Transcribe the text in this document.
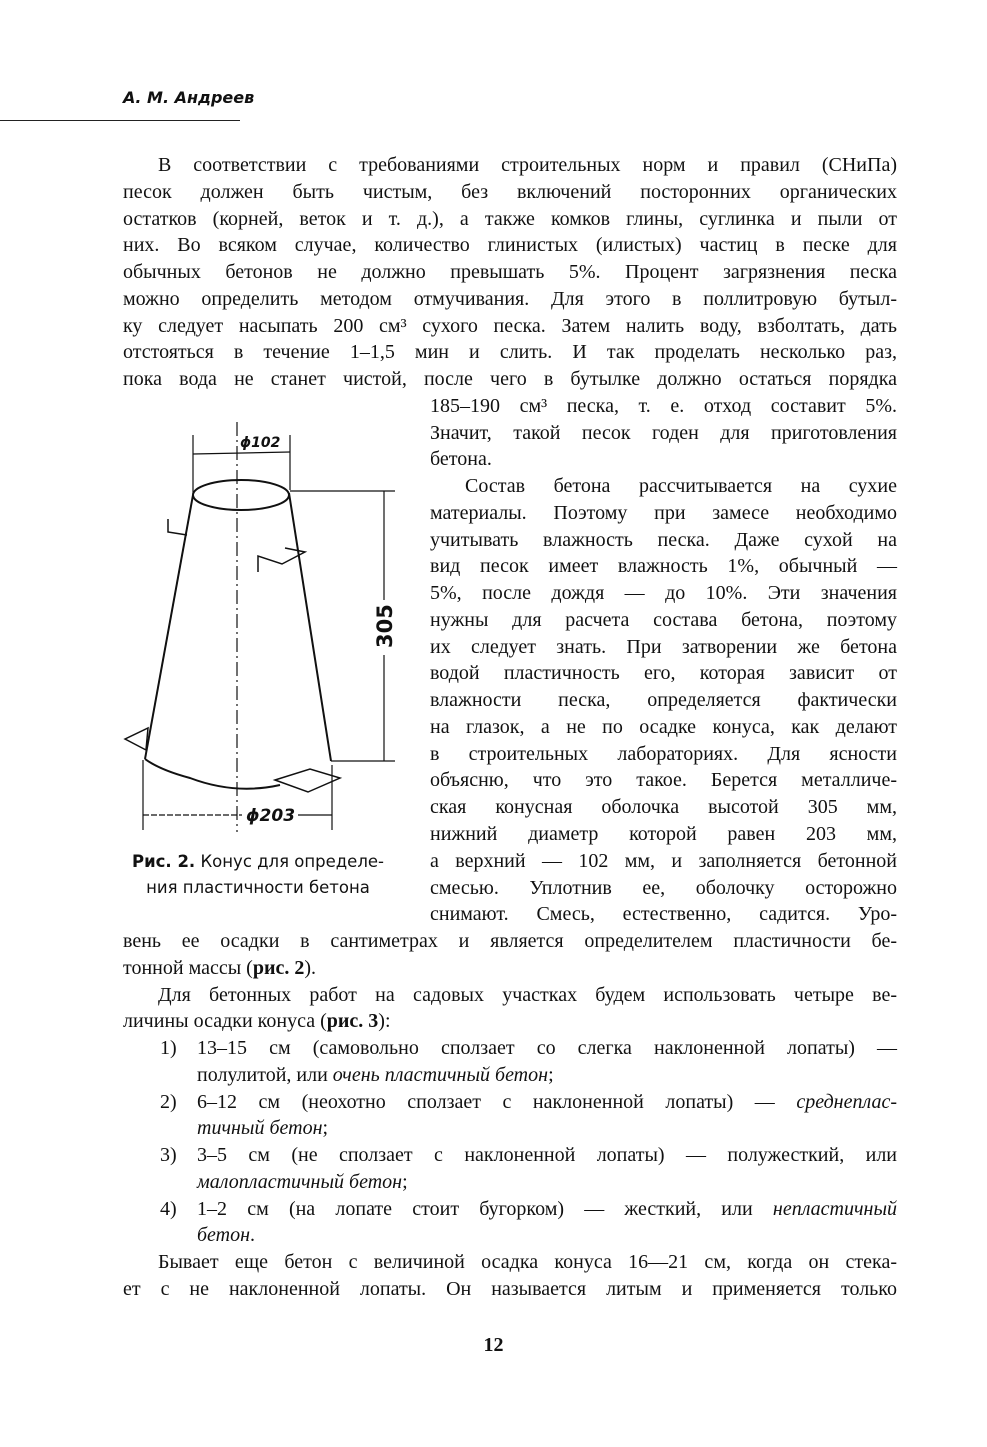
А. М. Андреев
В соответствии с требованиями строительных норм и правил (СНиПа)
песок должен быть чистым, без включений посторонних органических
остатков (корней, веток и т. д.), а также комков глины, суглинка и пыли от
них. Во всяком случае, количество глинистых (илистых) частиц в песке для
обычных бетонов не должно превышать 5%. Процент загрязнения песка
можно определить методом отмучивания. Для этого в поллитровую бутыл-
ку следует насыпать 200 см³ сухого песка. Затем налить воду, взболтать, дать
отстояться в течение 1–1,5 мин и слить. И так проделать несколько раз,
пока вода не станет чистой, после чего в бутылке должно остаться порядка
185–190 см³ песка, т. е. отход составит 5%.
Значит, такой песок годен для приготовления
бетона.
Состав бетона рассчитывается на сухие
материалы. Поэтому при замесе необходимо
учитывать влажность песка. Даже сухой на
вид песок имеет влажность 1%, обычный —
5%, после дождя — до 10%. Эти значения
нужны для расчета состава бетона, поэтому
их следует знать. При затворении же бетона
водой пластичность его, которая зависит от
влажности песка, определяется фактически
на глазок, а не по осадке конуса, как делают
в строительных лабораториях. Для ясности
объясню, что это такое. Берется металличе-
ская конусная оболочка высотой 305 мм,
нижний диаметр которой равен 203 мм,
а верхний — 102 мм, и заполняется бетонной
смесью. Уплотнив ее, оболочку осторожно
снимают. Смесь, естественно, садится. Уро-
вень ее осадки в сантиметрах и является определителем пластичности бе-
тонной массы (рис. 2).
Для бетонных работ на садовых участках будем использовать четыре ве-
личины осадки конуса (рис. 3):
13–15 см (самовольно сползает со слегка наклоненной лопаты) —
1)
полулитой, или очень пластичный бетон;
6–12 см (неохотно сползает с наклоненной лопаты) — среднеплас-
2)
тичный бетон;
3–5 см (не сползает с наклоненной лопаты) — полужесткий, или
3)
малопластичный бетон;
1–2 см (на лопате стоит бугорком) — жесткий, или непластичный
4)
бетон.
Бывает еще бетон с величиной осадка конуса 16—21 см, когда он стека-
ет с не наклоненной лопаты. Он называется литым и применяется только
ϕ102
ϕ203
305
Рис. 2. Конус для определе-
ния пластичности бетона
12
